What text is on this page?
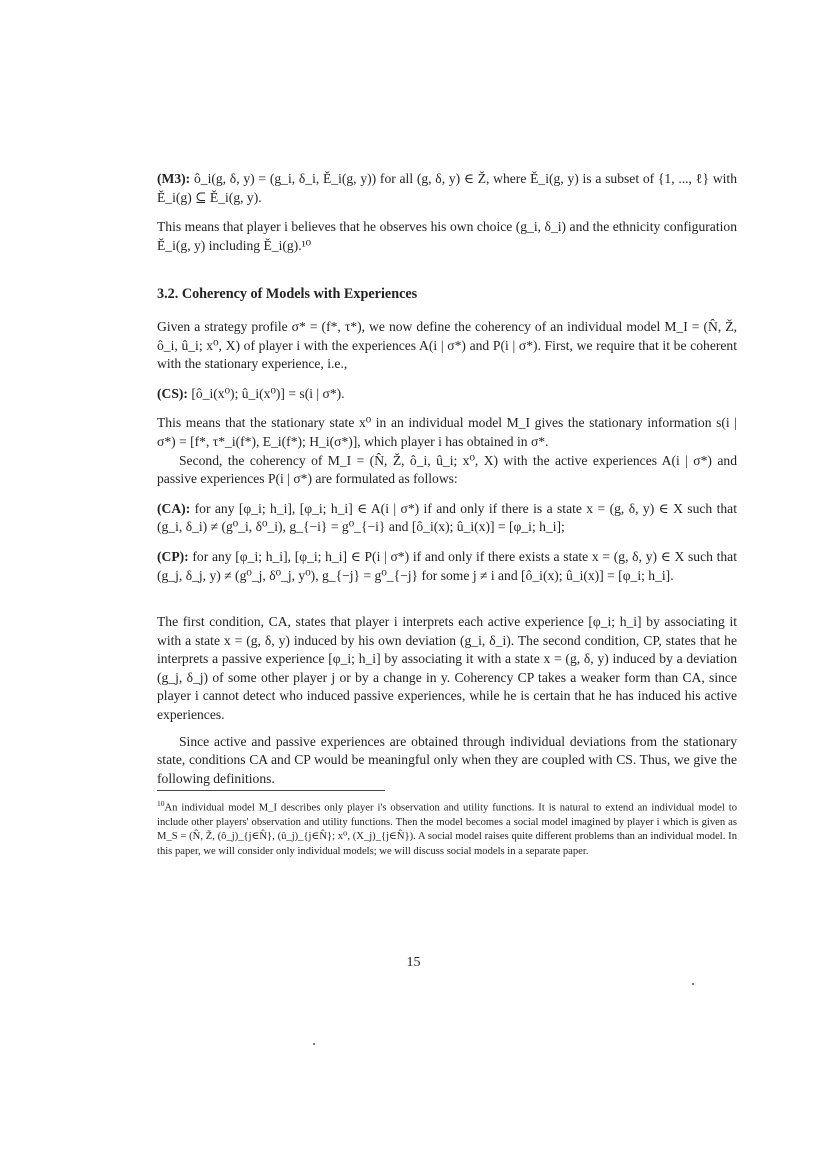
(M3): ô_i(g, δ, y) = (g_i, δ_i, Ě_i(g, y)) for all (g, δ, y) ∈ Ž, where Ě_i(g, y) is a subset of {1, ..., ℓ} with Ě_i(g) ⊆ Ě_i(g, y).

This means that player i believes that he observes his own choice (g_i, δ_i) and the ethnicity configuration Ě_i(g, y) including Ě_i(g).¹⁰

3.2. Coherency of Models with Experiences

Given a strategy profile σ* = (f*, τ*), we now define the coherency of an individual model M_I = (N̂, Ž, ô_i, û_i; x⁰, X) of player i with the experiences A(i | σ*) and P(i | σ*). First, we require that it be coherent with the stationary experience, i.e.,

(CS): [ô_i(x⁰); û_i(x⁰)] = s(i | σ*).

This means that the stationary state x⁰ in an individual model M_I gives the stationary information s(i | σ*) = [f*, τ*_i(f*), E_i(f*); H_i(σ*)], which player i has obtained in σ*.

Second, the coherency of M_I = (N̂, Ž, ô_i, û_i; x⁰, X) with the active experiences A(i | σ*) and passive experiences P(i | σ*) are formulated as follows:

(CA): for any [φ_i; h_i], [φ_i; h_i] ∈ A(i | σ*) if and only if there is a state x = (g, δ, y) ∈ X such that (g_i, δ_i) ≠ (g⁰_i, δ⁰_i), g_{−i} = g⁰_{−i} and [ô_i(x); û_i(x)] = [φ_i; h_i];

(CP): for any [φ_i; h_i], [φ_i; h_i] ∈ P(i | σ*) if and only if there exists a state x = (g, δ, y) ∈ X such that (g_j, δ_j, y) ≠ (g⁰_j, δ⁰_j, y⁰), g_{−j} = g⁰_{−j} for some j ≠ i and [ô_i(x); û_i(x)] = [φ_i; h_i].

The first condition, CA, states that player i interprets each active experience [φ_i; h_i] by associating it with a state x = (g, δ, y) induced by his own deviation (g_i, δ_i). The second condition, CP, states that he interprets a passive experience [φ_i; h_i] by associating it with a state x = (g, δ, y) induced by a deviation (g_j, δ_j) of some other player j or by a change in y. Coherency CP takes a weaker form than CA, since player i cannot detect who induced passive experiences, while he is certain that he has induced his active experiences.

Since active and passive experiences are obtained through individual deviations from the stationary state, conditions CA and CP would be meaningful only when they are coupled with CS. Thus, we give the following definitions.

$^{10}$An individual model M_I describes only player i's observation and utility functions. It is natural to extend an individual model to include other players' observation and utility functions. Then the model becomes a social model imagined by player i which is given as M_S = (N̂, Ž, (ô_j)_{j∈N̂}, (û_j)_{j∈N̂}; x⁰, (X_j)_{j∈N̂}). A social model raises quite different problems than an individual model. In this paper, we will consider only individual models; we will discuss social models in a separate paper.

15
